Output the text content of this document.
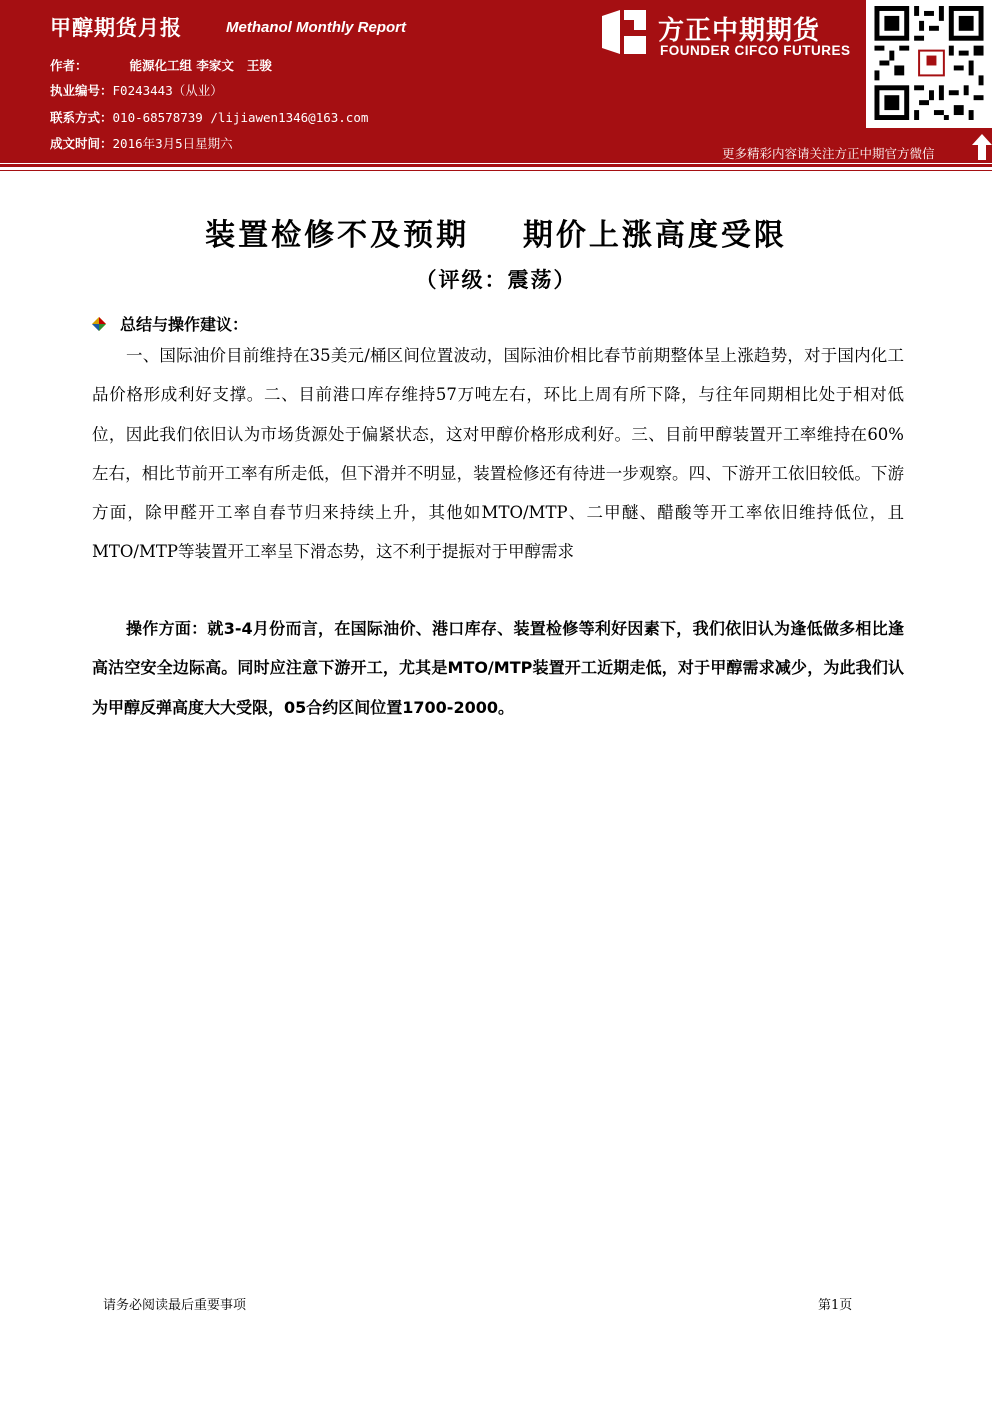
甲醇期货月报	Methanol Monthly Report
作者：	能源化工组 李家文   王骏
执业编号：F0243443（从业）
联系方式：010-68578739 /lijiawen1346@163.com
成文时间：2016年3月5日星期六
方正中期期货
FOUNDER CIFCO FUTURES
更多精彩内容请关注方正中期官方微信
装置检修不及预期    期价上涨高度受限
（评级：震荡）
总结与操作建议：
一、国际油价目前维持在35美元/桶区间位置波动，国际油价相比春节前期整体呈上涨趋势，对于国内化工品价格形成利好支撑。二、目前港口库存维持57万吨左右，环比上周有所下降，与往年同期相比处于相对低位，因此我们依旧认为市场货源处于偏紧状态，这对甲醇价格形成利好。三、目前甲醇装置开工率维持在60%左右，相比节前开工率有所走低，但下滑并不明显，装置检修还有待进一步观察。四、下游开工依旧较低。下游方面，除甲醛开工率自春节归来持续上升，其他如MTO/MTP、二甲醚、醋酸等开工率依旧维持低位，且MTO/MTP等装置开工率呈下滑态势，这不利于提振对于甲醇需求
操作方面：就3-4月份而言，在国际油价、港口库存、装置检修等利好因素下，我们依旧认为逢低做多相比逢高沽空安全边际高。同时应注意下游开工，尤其是MTO/MTP装置开工近期走低，对于甲醇需求减少，为此我们认为甲醇反弹高度大大受限，05合约区间位置1700-2000。
请务必阅读最后重要事项	第1页
